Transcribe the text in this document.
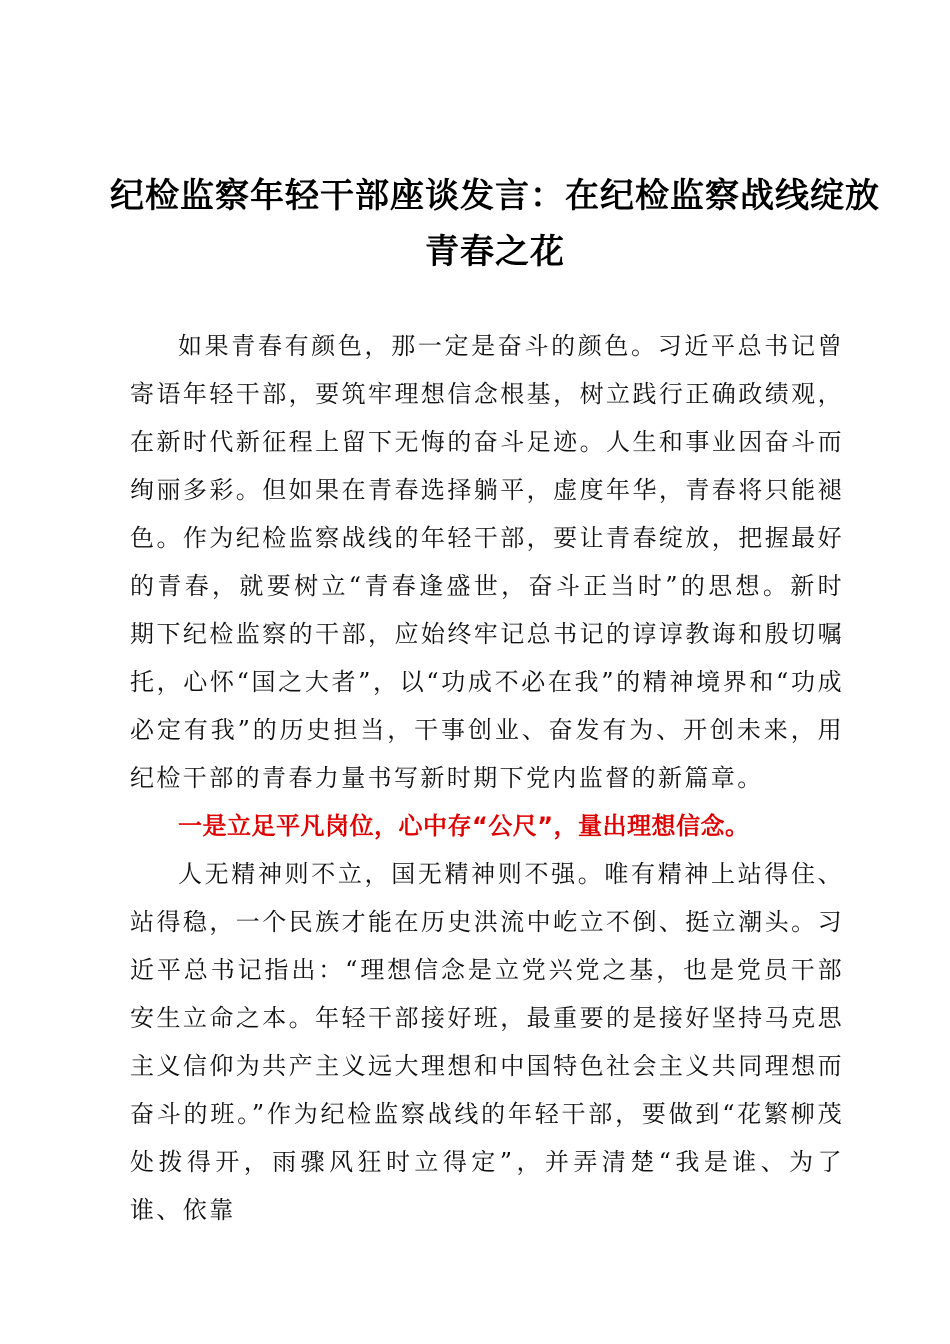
纪检监察年轻干部座谈发言：在纪检监察战线绽放青春之花

如果青春有颜色，那一定是奋斗的颜色。习近平总书记曾寄语年轻干部，要筑牢理想信念根基，树立践行正确政绩观，在新时代新征程上留下无悔的奋斗足迹。人生和事业因奋斗而绚丽多彩。但如果在青春选择躺平，虚度年华，青春将只能褪色。作为纪检监察战线的年轻干部，要让青春绽放，把握最好的青春，就要树立“青春逢盛世，奋斗正当时”的思想。新时期下纪检监察的干部，应始终牢记总书记的谆谆教诲和殷切嘱托，心怀“国之大者”，以“功成不必在我”的精神境界和“功成必定有我”的历史担当，干事创业、奋发有为、开创未来，用纪检干部的青春力量书写新时期下党内监督的新篇章。

一是立足平凡岗位，心中存“公尺”，量出理想信念。

人无精神则不立，国无精神则不强。唯有精神上站得住、站得稳，一个民族才能在历史洪流中屹立不倒、挺立潮头。习近平总书记指出：“理想信念是立党兴党之基，也是党员干部安生立命之本。年轻干部接好班，最重要的是接好坚持马克思主义信仰为共产主义远大理想和中国特色社会主义共同理想而奋斗的班。”作为纪检监察战线的年轻干部，要做到“花繁柳茂处拨得开，雨骤风狂时立得定”，并弄清楚“我是谁、为了谁、依靠
